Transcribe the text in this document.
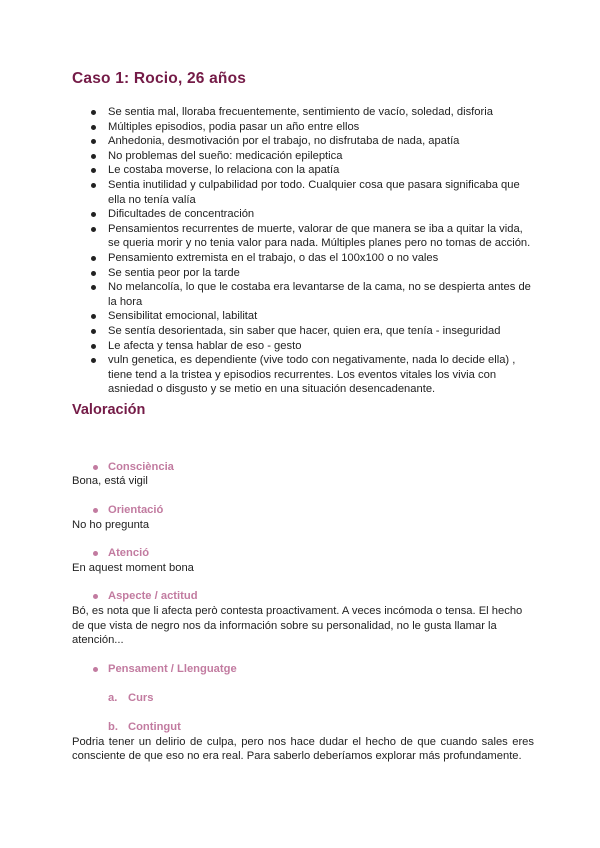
Caso 1: Rocio, 26 años
Se sentia mal, lloraba frecuentemente, sentimiento de vacío, soledad, disforia
Múltiples episodios, podia pasar un año entre ellos
Anhedonia, desmotivación por el trabajo, no disfrutaba de nada, apatía
No problemas del sueño: medicación epileptica
Le costaba moverse, lo relaciona con la apatía
Sentia inutilidad y culpabilidad por todo. Cualquier cosa que pasara significaba que ella no tenía valía
Dificultades de concentración
Pensamientos recurrentes de muerte, valorar de que manera se iba a quitar la vida, se queria morir y no tenia valor para nada. Múltiples planes pero no tomas de acción.
Pensamiento extremista en el trabajo, o das el 100x100 o no vales
Se sentia peor por la tarde
No melancolía, lo que le costaba era levantarse de la cama, no se despierta antes de la hora
Sensibilitat emocional, labilitat
Se sentía desorientada, sin saber que hacer, quien era, que tenía - inseguridad
Le afecta y tensa hablar de eso - gesto
vuln genetica, es dependiente (vive todo con negativamente, nada lo decide ella) , tiene tend a la tristea y episodios recurrentes. Los eventos vitales los vivia con asniedad o disgusto y se metio en una situación desencadenante.
Valoración
Consciència

Bona, está vigil

Orientació

No ho pregunta

Atenció

En aquest moment bona

Aspecte / actitud

Bó, es nota que li afecta però contesta proactivament. A veces incómoda o tensa. El hecho de que vista de negro nos da información sobre su personalidad, no le gusta llamar la atención...

Pensament / Llenguatge
a. Curs
b. Contingut

Podria tener un delirio de culpa, pero nos hace dudar el hecho de que cuando sales eres consciente de que eso no era real. Para saberlo deberíamos explorar más profundamente.
